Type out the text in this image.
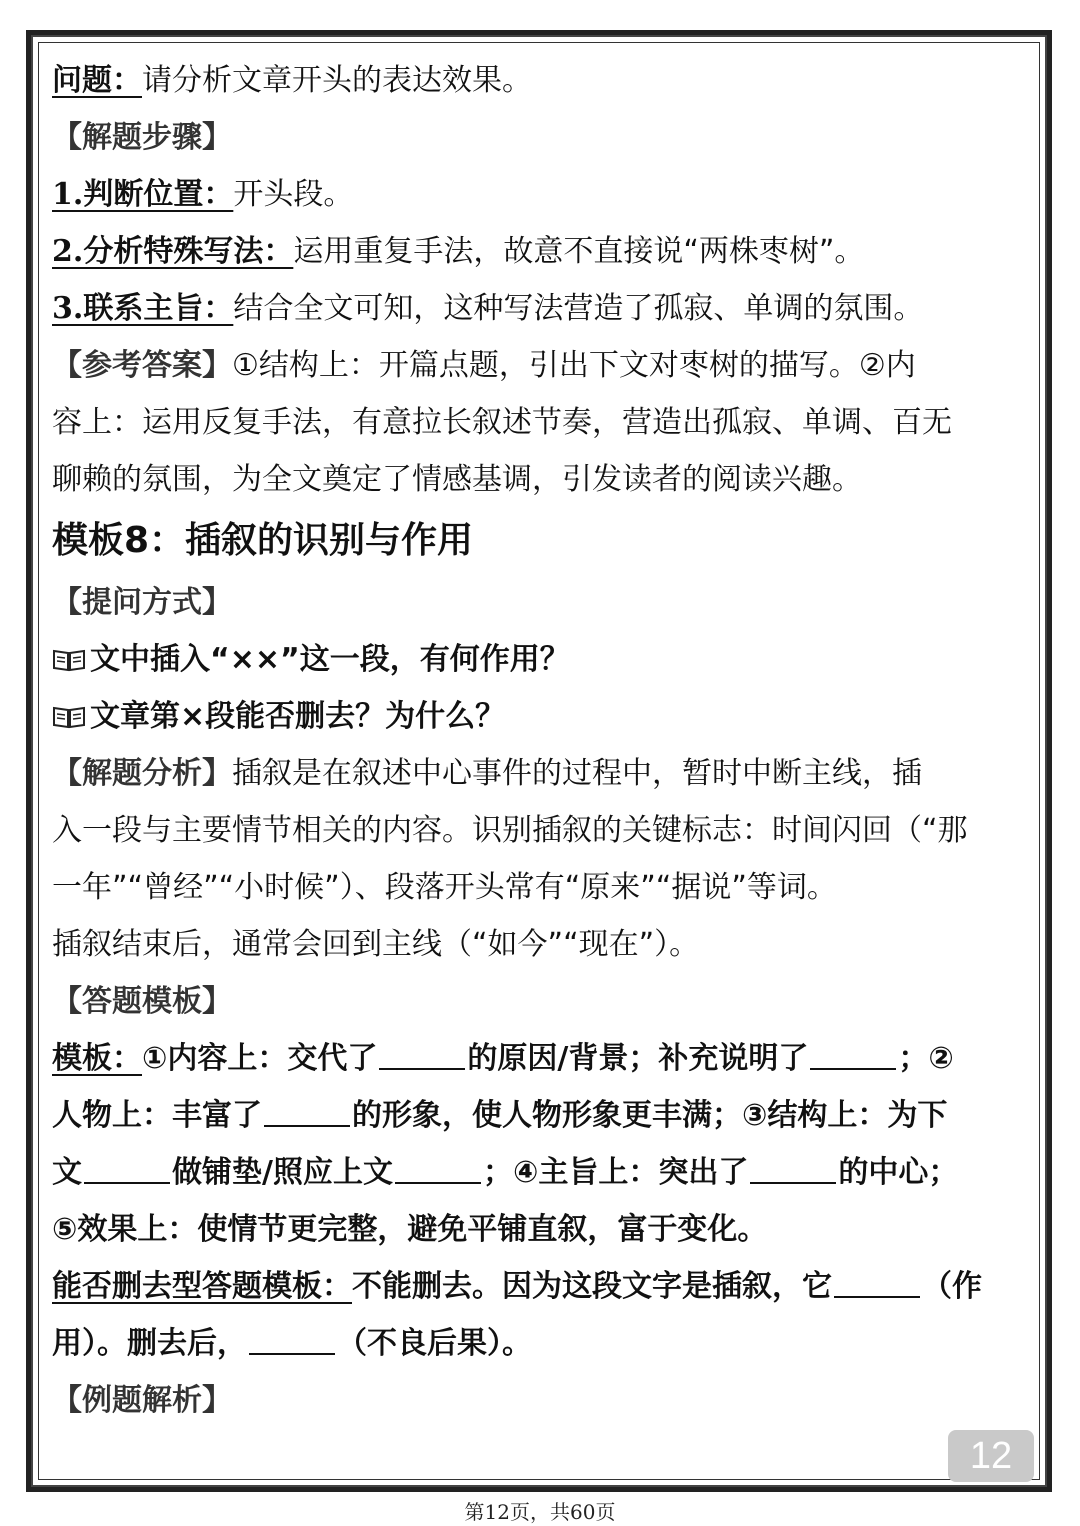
问题：请分析文章开头的表达效果。
【解题步骤】
1.判断位置：开头段。
2.分析特殊写法：运用重复手法，故意不直接说“两株枣树”。
3.联系主旨：结合全文可知，这种写法营造了孤寂、单调的氛围。
【参考答案】①结构上：开篇点题，引出下文对枣树的描写。②内
容上：运用反复手法，有意拉长叙述节奏，营造出孤寂、单调、百无
聊赖的氛围，为全文奠定了情感基调，引发读者的阅读兴趣。
模板8：插叙的识别与作用
【提问方式】
文中插入“××”这一段，有何作用？
文章第×段能否删去？为什么？
【解题分析】插叙是在叙述中心事件的过程中，暂时中断主线，插
入一段与主要情节相关的内容。识别插叙的关键标志：时间闪回（“那
一年”“曾经”“小时候”）、段落开头常有“原来”“据说”等词。
插叙结束后，通常会回到主线（“如今”“现在”）。
【答题模板】
模板：①内容上：交代了	的原因/背景；补充说明了	；②
人物上：丰富了	的形象，使人物形象更丰满；③结构上：为下
文	做铺垫/照应上文	；④主旨上：突出了	的中心；
⑤效果上：使情节更完整，避免平铺直叙，富于变化。
能否删去型答题模板：不能删去。因为这段文字是插叙，它	（作
用）。删去后，	（不良后果）。
【例题解析】
12
第12页，共60页
